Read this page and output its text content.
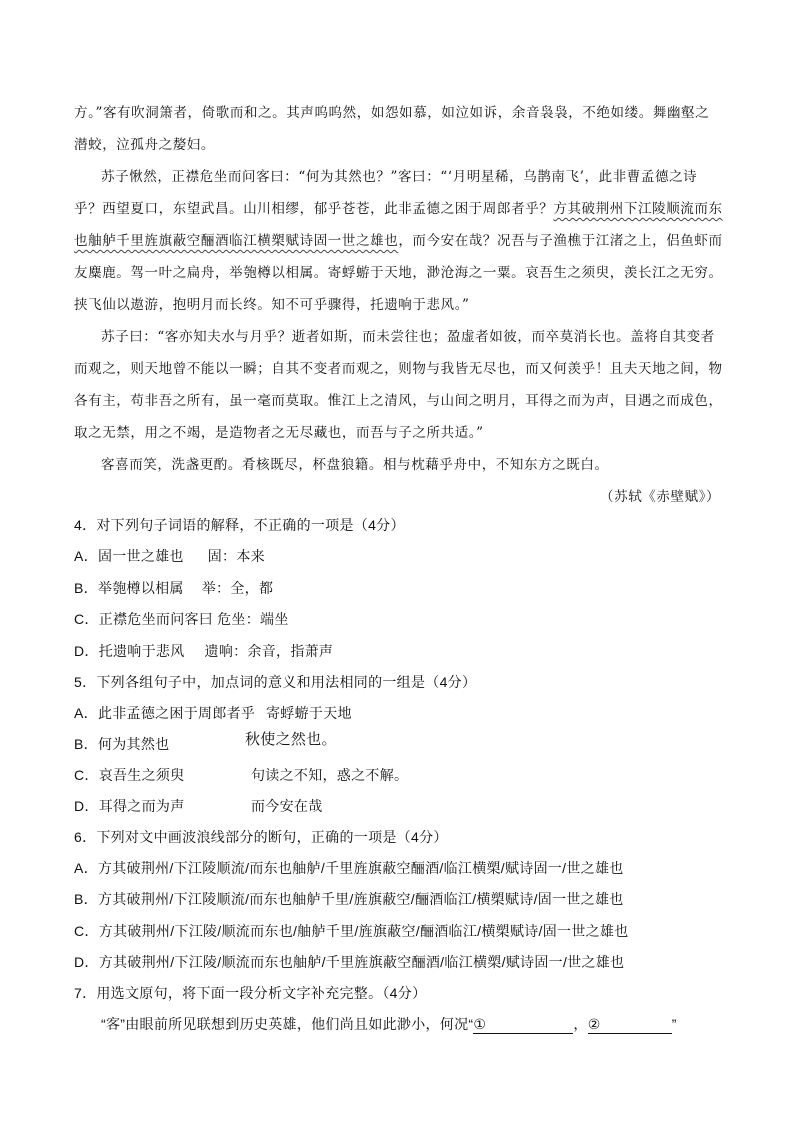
方。”客有吹洞箫者，倚歌而和之。其声呜呜然，如怨如慕，如泣如诉，余音袅袅，不绝如缕。舞幽壑之
潜蛟，泣孤舟之嫠妇。
苏子愀然，正襟危坐而问客曰：“何为其然也？”客曰：“‘月明星稀，乌鹊南飞’，此非曹孟德之诗
乎？西望夏口，东望武昌。山川相缪，郁乎苍苍，此非孟德之困于周郎者乎？方其破荆州下江陵顺流而东
也舳舻千里旌旗蔽空酾酒临江横槊赋诗固一世之雄也，而今安在哉？况吾与子渔樵于江渚之上，侣鱼虾而
友麋鹿。驾一叶之扁舟，举匏樽以相属。寄蜉蝣于天地，渺沧海之一粟。哀吾生之须臾，羡长江之无穷。
挟飞仙以遨游，抱明月而长终。知不可乎骤得，托遗响于悲风。”
苏子曰：“客亦知夫水与月乎？逝者如斯，而未尝往也；盈虚者如彼，而卒莫消长也。盖将自其变者
而观之，则天地曾不能以一瞬；自其不变者而观之，则物与我皆无尽也，而又何羡乎！且夫天地之间，物
各有主，苟非吾之所有，虽一毫而莫取。惟江上之清风，与山间之明月，耳得之而为声，目遇之而成色，
取之无禁，用之不竭，是造物者之无尽藏也，而吾与子之所共适。”
客喜而笑，洗盏更酌。肴核既尽，杯盘狼籍。相与枕藉乎舟中，不知东方之既白。
（苏轼《赤壁赋》）
4．对下列句子词语的解释，不正确的一项是（4分）
A．固一世之雄也 固：本来
B．举匏樽以相属 举：全，都
C．正襟危坐而问客曰 危坐：端坐
D．托遗响于悲风 遗响：余音，指萧声
5．下列各组句子中，加点词的意义和用法相同的一组是（4分）
A．此非孟德之困于周郎者乎 寄蜉蝣于天地
B．何为其然也	秋使之然也。
C．哀吾生之须臾	句读之不知，惑之不解。
D．耳得之而为声	而今安在哉
6．下列对文中画波浪线部分的断句，正确的一项是（4分）
A．方其破荆州/下江陵顺流/而东也舳舻/千里旌旗蔽空酾酒/临江横槊/赋诗固一/世之雄也
B．方其破荆州/下江陵顺流/而东也舳舻千里/旌旗蔽空/酾酒临江/横槊赋诗/固一世之雄也
C．方其破荆州/下江陵/顺流而东也/舳舻千里/旌旗蔽空/酾酒临江/横槊赋诗/固一世之雄也
D．方其破荆州/下江陵/顺流而东也舳舻/千里旌旗蔽空酾酒/临江横槊/赋诗固一/世之雄也
7．用选文原句，将下面一段分析文字补充完整。（4分）
“客”由眼前所见联想到历史英雄，他们尚且如此渺小，何况“①	，②	”
